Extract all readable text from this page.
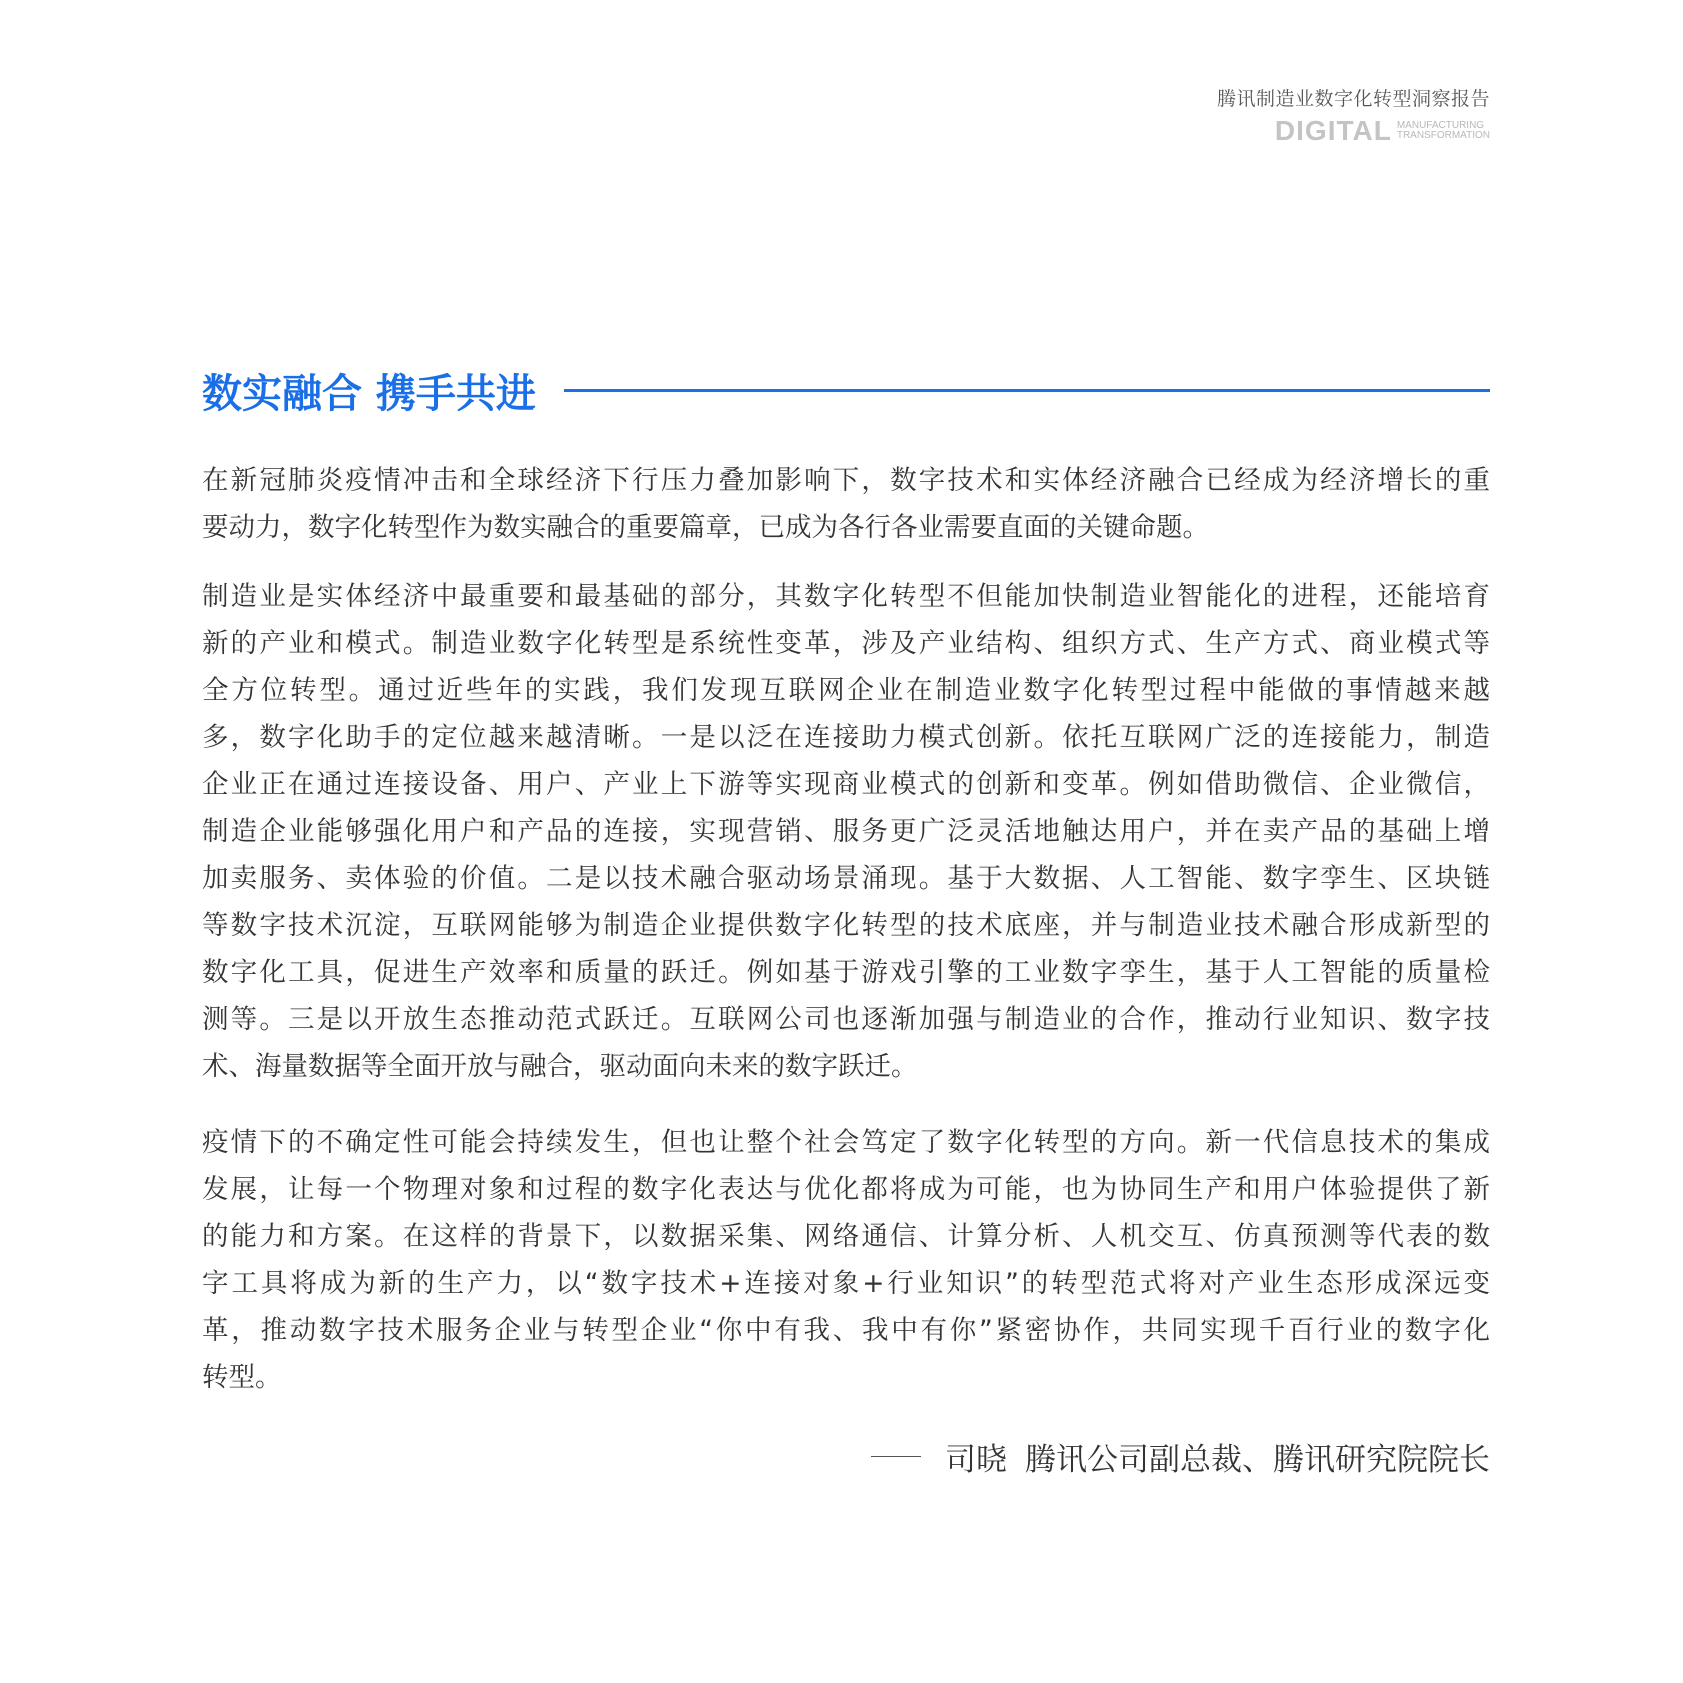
腾讯制造业数字化转型洞察报告
DIGITAL MANUFACTURING
TRANSFORMATION
数实融合 携手共进
在新冠肺炎疫情冲击和全球经济下行压力叠加影响下，数字技术和实体经济融合已经成为经济增长的重
要动力，数字化转型作为数实融合的重要篇章，已成为各行各业需要直面的关键命题。
制造业是实体经济中最重要和最基础的部分，其数字化转型不但能加快制造业智能化的进程，还能培育
新的产业和模式。制造业数字化转型是系统性变革，涉及产业结构、组织方式、生产方式、商业模式等
全方位转型。通过近些年的实践，我们发现互联网企业在制造业数字化转型过程中能做的事情越来越
多，数字化助手的定位越来越清晰。一是以泛在连接助力模式创新。依托互联网广泛的连接能力，制造
企业正在通过连接设备、用户、产业上下游等实现商业模式的创新和变革。例如借助微信、企业微信，
制造企业能够强化用户和产品的连接，实现营销、服务更广泛灵活地触达用户，并在卖产品的基础上增
加卖服务、卖体验的价值。二是以技术融合驱动场景涌现。基于大数据、人工智能、数字孪生、区块链
等数字技术沉淀，互联网能够为制造企业提供数字化转型的技术底座，并与制造业技术融合形成新型的
数字化工具，促进生产效率和质量的跃迁。例如基于游戏引擎的工业数字孪生，基于人工智能的质量检
测等。三是以开放生态推动范式跃迁。互联网公司也逐渐加强与制造业的合作，推动行业知识、数字技
术、海量数据等全面开放与融合，驱动面向未来的数字跃迁。
疫情下的不确定性可能会持续发生，但也让整个社会笃定了数字化转型的方向。新一代信息技术的集成
发展，让每一个物理对象和过程的数字化表达与优化都将成为可能，也为协同生产和用户体验提供了新
的能力和方案。在这样的背景下，以数据采集、网络通信、计算分析、人机交互、仿真预测等代表的数
字工具将成为新的生产力，以“数字技术+连接对象+行业知识”的转型范式将对产业生态形成深远变
革，推动数字技术服务企业与转型企业“你中有我、我中有你”紧密协作，共同实现千百行业的数字化
转型。
司晓 腾讯公司副总裁、腾讯研究院院长
